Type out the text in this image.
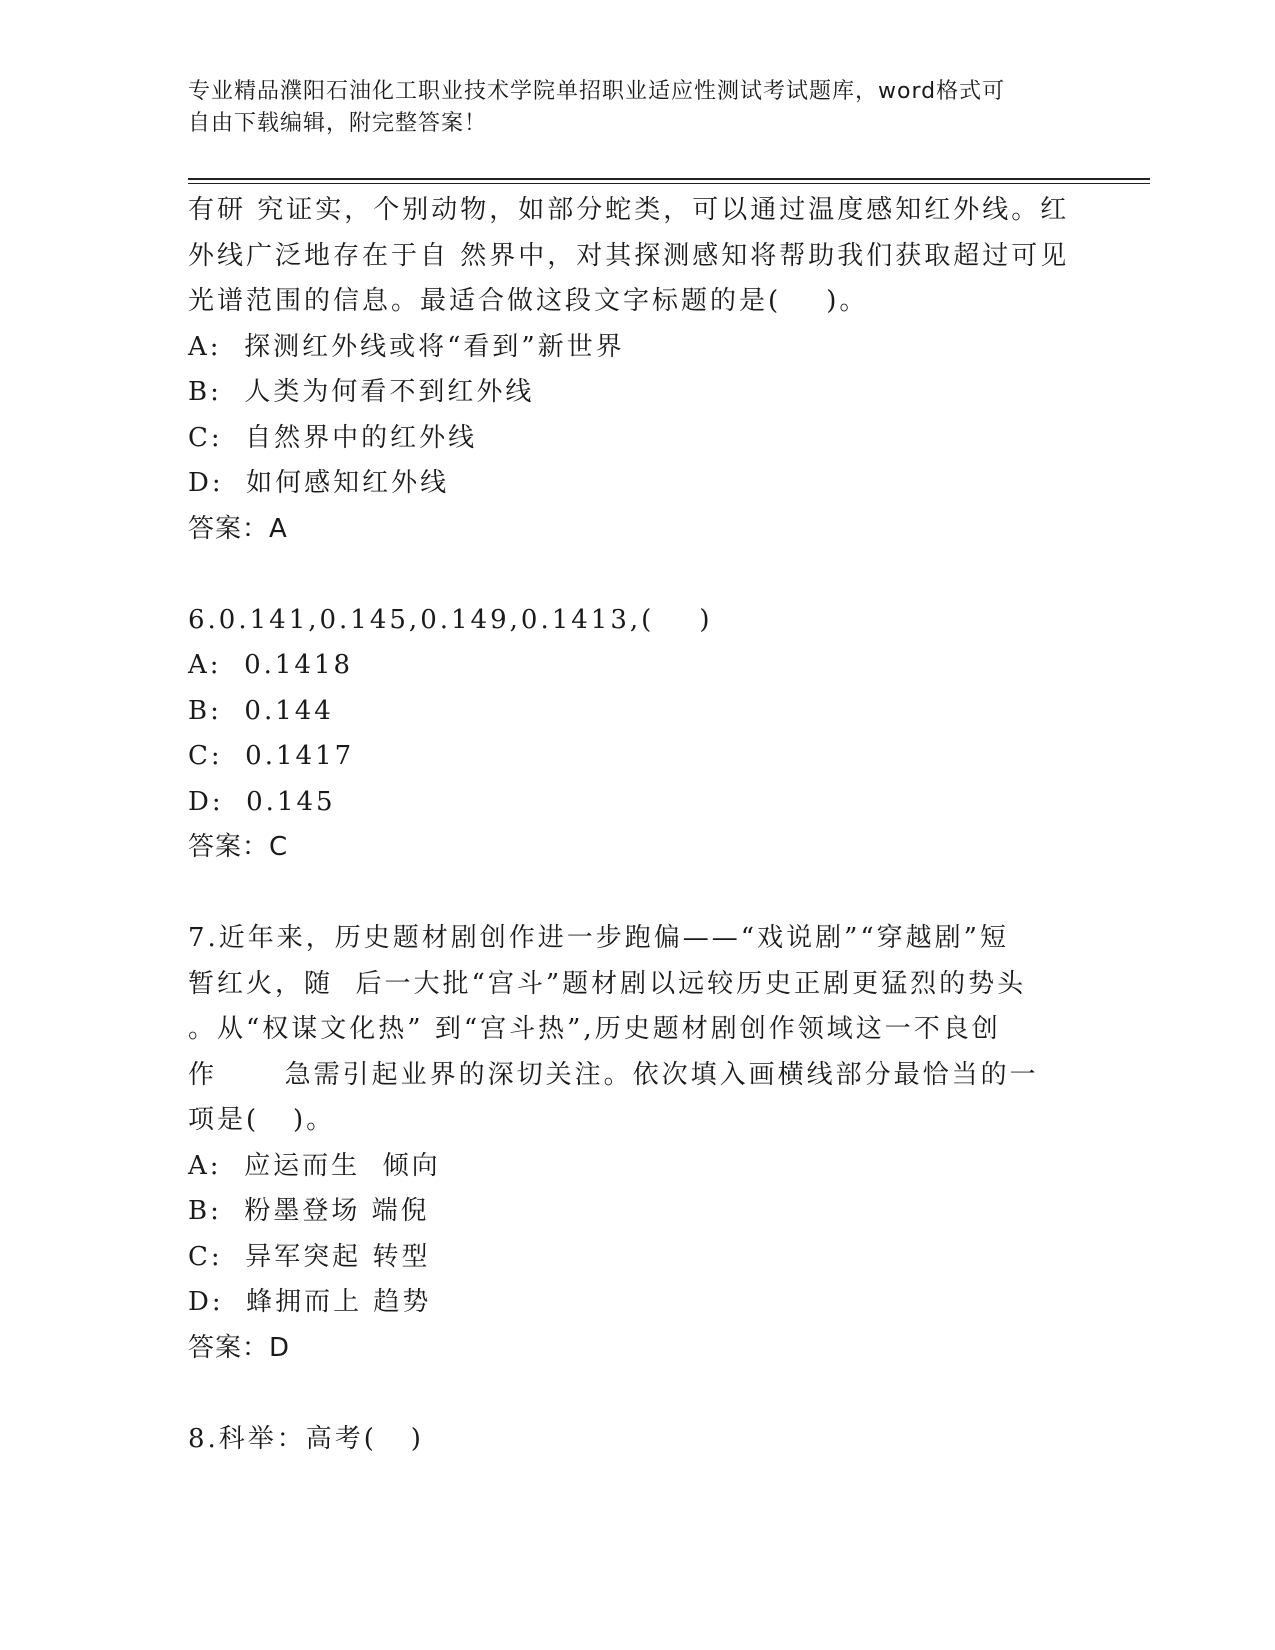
专业精品濮阳石油化工职业技术学院单招职业适应性测试考试题库，word格式可
自由下载编辑，附完整答案！
有研 究证实，个别动物，如部分蛇类，可以通过温度感知红外线。红
外线广泛地存在于自 然界中，对其探测感知将帮助我们获取超过可见
光谱范围的信息。最适合做这段文字标题的是(    )。
A:  探测红外线或将“看到”新世界
B:  人类为何看不到红外线
C:  自然界中的红外线
D:  如何感知红外线
答案：A
6.0.141,0.145,0.149,0.1413,(    )
A:  0.1418
B:  0.144
C:  0.1417
D:  0.145
答案：C
7.近年来，历史题材剧创作进一步跑偏——“戏说剧”“穿越剧”短
暂红火，随  后一大批“宫斗”题材剧以远较历史正剧更猛烈的势头
。从“权谋文化热” 到“宫斗热”,历史题材剧创作领域这一不良创
作      急需引起业界的深切关注。依次填入画横线部分最恰当的一
项是(   )。
A:  应运而生  倾向
B:  粉墨登场 端倪
C:  异军突起 转型
D:  蜂拥而上 趋势
答案：D
8.科举：高考(   )
